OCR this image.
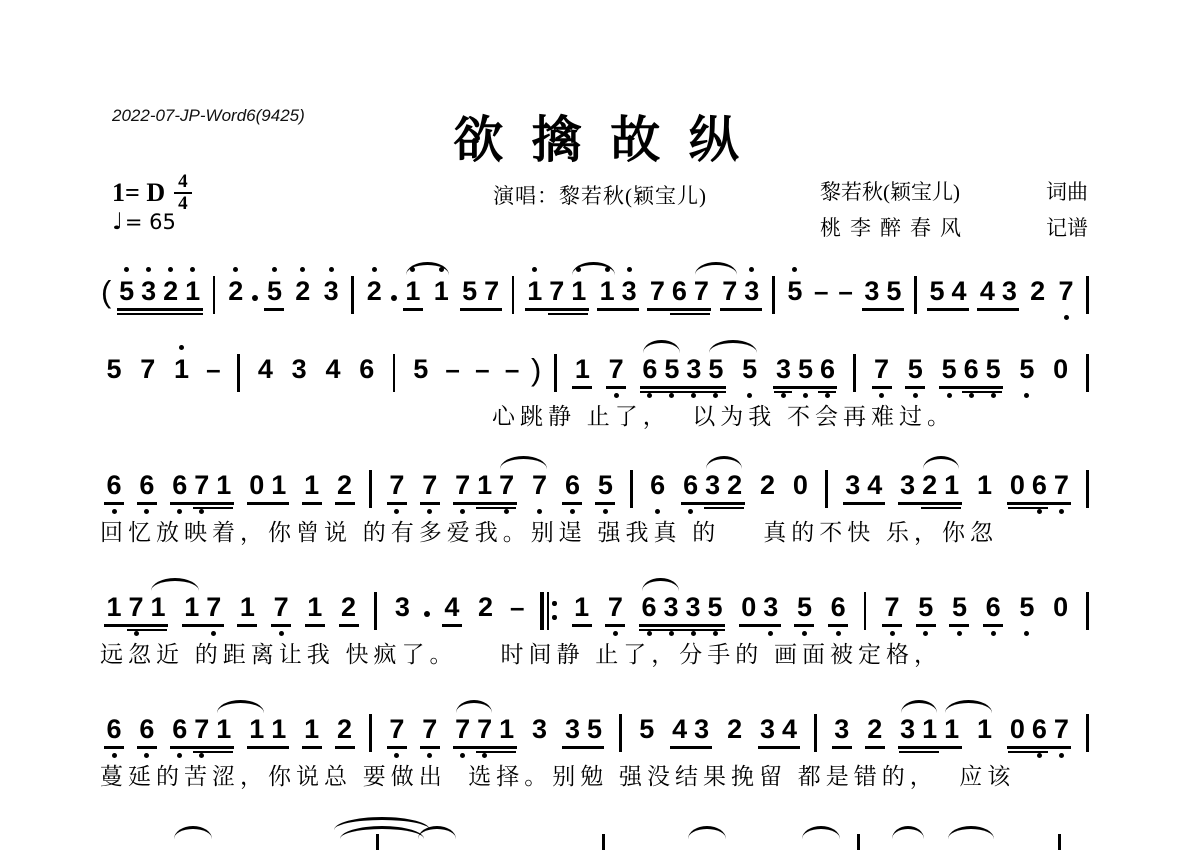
2022-07-JP-Word6(9425)	欲 擒 故 纵
1= D $\frac{4}{4}$
♩ = 65
演唱：黎若秋(颖宝儿)	黎若秋(颖宝儿)	词曲
桃李醉春风	记谱
( 5 3 2 1 2 5 2 3 2 1 1 5 7 1 7 1 1 3 7 6 7 7 3 5 – – 3 5 5 4 4 3 2 7
5 7 1 – 4 3 4 6 5 – – – ) 1 7 6 5 3 5 5 3 5 6 7 5 5 6 5 5 0
心跳静 止了，  以为我 不会再难过。
6 6 6 7 1 0 1 1 2 7 7 7 1 7 7 6 5 6 6 3 2 2 0 3 4 3 2 1 1 0 6 7
回忆放映着，你曾说 的有多爱我。别逞 强我真 的    真的不快 乐，你忽
1 7 1 1 7 1 7 1 2 3 4 2 – 1 7 6 3 3 5 0 3 5 6 7 5 5 6 5 0
远忽近 的距离让我 快疯了。    时间静 止了，分手的 画面被定格，
6 6 6 7 1 1 1 1 2 7 7 7 7 1 3 3 5 5 4 3 2 3 4 3 2 3 1 1 1 0 6 7
蔓延的苦涩，你说总 要做出  选择。别勉 强没结果挽留 都是错的，  应该
